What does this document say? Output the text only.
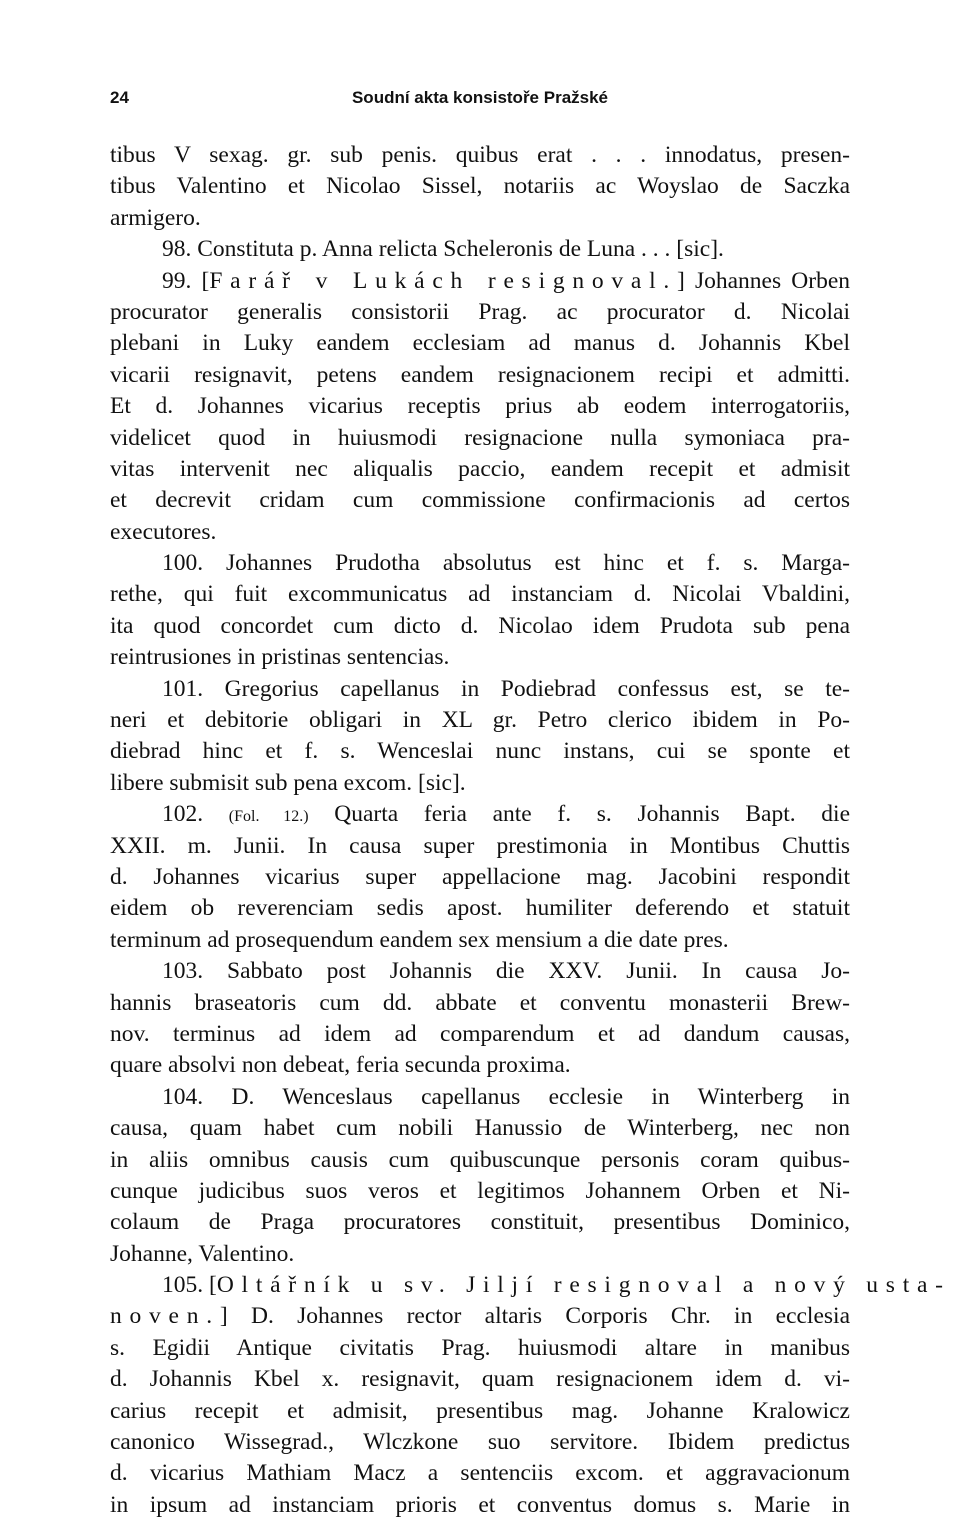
24	Soudní akta konsistoře Pražské
tibus V sexag. gr. sub penis. quibus erat . . . innodatus, presen-
tibus Valentino et Nicolao Sissel, notariis ac Woyslao de Saczka
armigero.
98. Constituta p. Anna relicta Scheleronis de Luna . . . [sic].
99. [Farář v Lukách resignoval.] Johannes Orben
procurator generalis consistorii Prag. ac procurator d. Nicolai
plebani in Luky eandem ecclesiam ad manus d. Johannis Kbel
vicarii resignavit, petens eandem resignacionem recipi et admitti.
Et d. Johannes vicarius receptis prius ab eodem interrogatoriis,
videlicet quod in huiusmodi resignacione nulla symoniaca pra-
vitas intervenit nec aliqualis paccio, eandem recepit et admisit
et decrevit cridam cum commissione confirmacionis ad certos
executores.
100. Johannes Prudotha absolutus est hinc et f. s. Marga-
rethe, qui fuit excommunicatus ad instanciam d. Nicolai Vbaldini,
ita quod concordet cum dicto d. Nicolao idem Prudota sub pena
reintrusiones in pristinas sentencias.
101. Gregorius capellanus in Podiebrad confessus est, se te-
neri et debitorie obligari in XL gr. Petro clerico ibidem in Po-
diebrad hinc et f. s. Wenceslai nunc instans, cui se sponte et
libere submisit sub pena excom. [sic].
102. (Fol. 12.) Quarta feria ante f. s. Johannis Bapt. die
XXII. m. Junii. In causa super prestimonia in Montibus Chuttis
d. Johannes vicarius super appellacione mag. Jacobini respondit
eidem ob reverenciam sedis apost. humiliter deferendo et statuit
terminum ad prosequendum eandem sex mensium a die date pres.
103. Sabbato post Johannis die XXV. Junii. In causa Jo-
hannis braseatoris cum dd. abbate et conventu monasterii Brew-
nov. terminus ad idem ad comparendum et ad dandum causas,
quare absolvi non debeat, feria secunda proxima.
104. D. Wenceslaus capellanus ecclesie in Winterberg in
causa, quam habet cum nobili Hanussio de Winterberg, nec non
in aliis omnibus causis cum quibuscunque personis coram quibus-
cunque judicibus suos veros et legitimos Johannem Orben et Ni-
colaum de Praga procuratores constituit, presentibus Dominico,
Johanne, Valentino.
105. [Oltářník u sv. Jiljí resignoval a nový usta-
noven.] D. Johannes rector altaris Corporis Chr. in ecclesia
s. Egidii Antique civitatis Prag. huiusmodi altare in manibus
d. Johannis Kbel x. resignavit, quam resignacionem idem d. vi-
carius recepit et admisit, presentibus mag. Johanne Kralowicz
canonico Wissegrad., Wlczkone suo servitore. Ibidem predictus
d. vicarius Mathiam Macz a sentenciis excom. et aggravacionum
in ipsum ad instanciam prioris et conventus domus s. Marie in
